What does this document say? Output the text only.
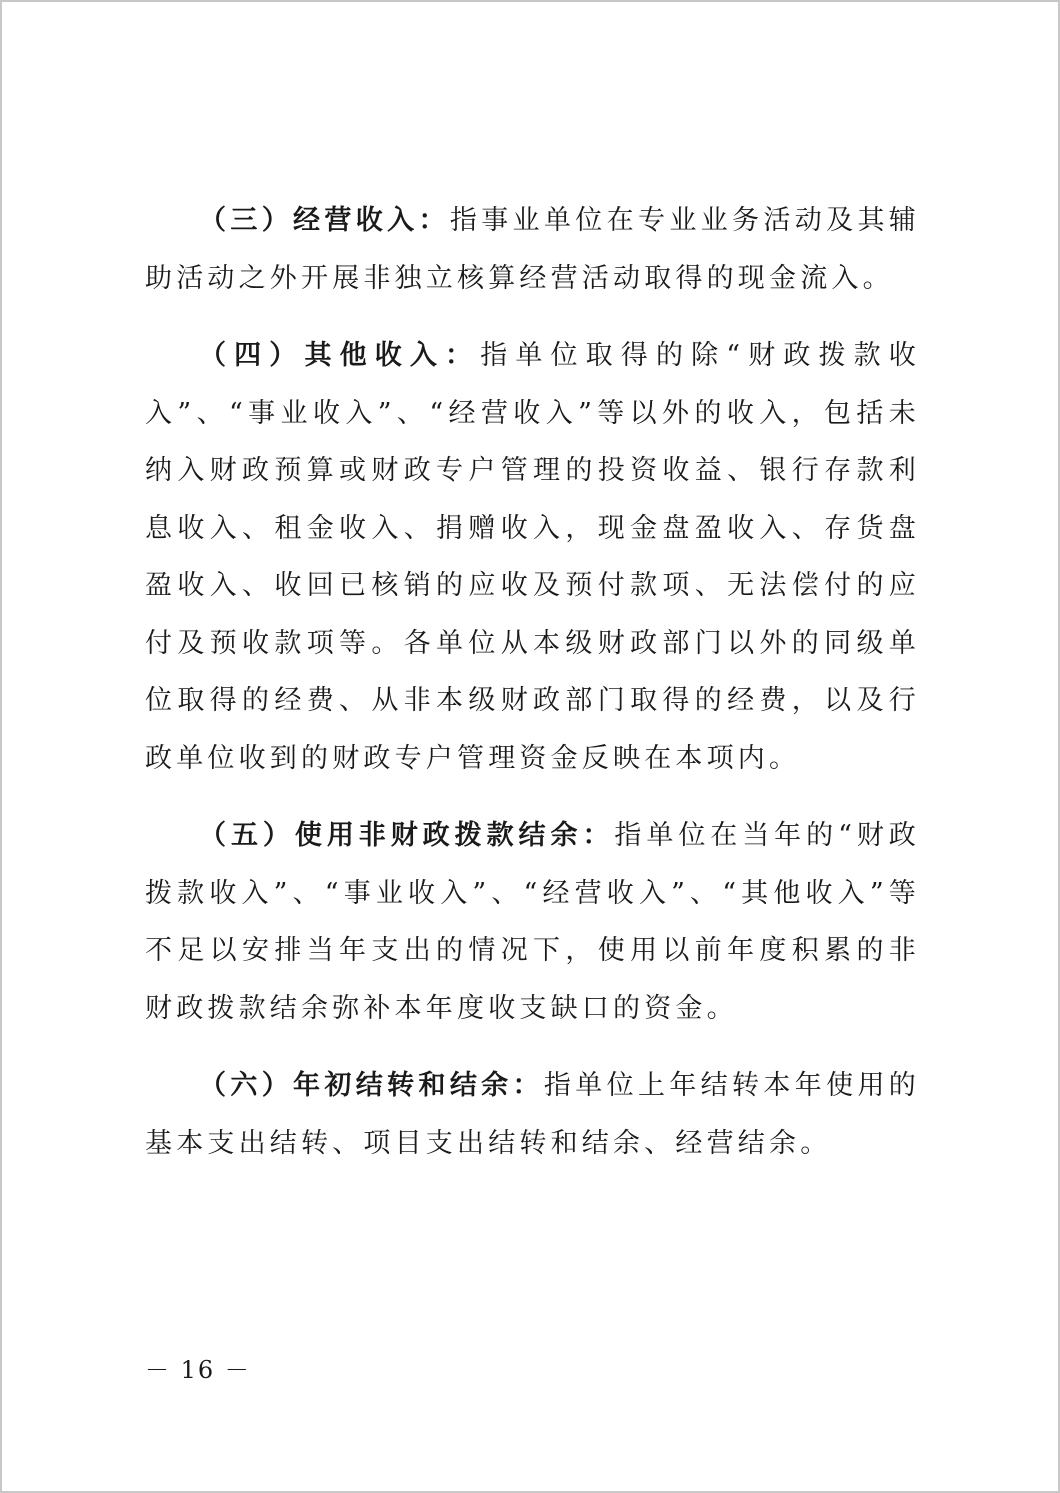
（三）经营收入：指事业单位在专业业务活动及其辅助活动之外开展非独立核算经营活动取得的现金流入。

（四）其他收入：指单位取得的除“财政拨款收入”、“事业收入”、“经营收入”等以外的收入，包括未纳入财政预算或财政专户管理的投资收益、银行存款利息收入、租金收入、捐赠收入，现金盘盈收入、存货盘盈收入、收回已核销的应收及预付款项、无法偿付的应付及预收款项等。各单位从本级财政部门以外的同级单位取得的经费、从非本级财政部门取得的经费，以及行政单位收到的财政专户管理资金反映在本项内。

（五）使用非财政拨款结余：指单位在当年的“财政拨款收入”、“事业收入”、“经营收入”、“其他收入”等不足以安排当年支出的情况下，使用以前年度积累的非财政拨款结余弥补本年度收支缺口的资金。

（六）年初结转和结余：指单位上年结转本年使用的基本支出结转、项目支出结转和结余、经营结余。

－ 16 －
